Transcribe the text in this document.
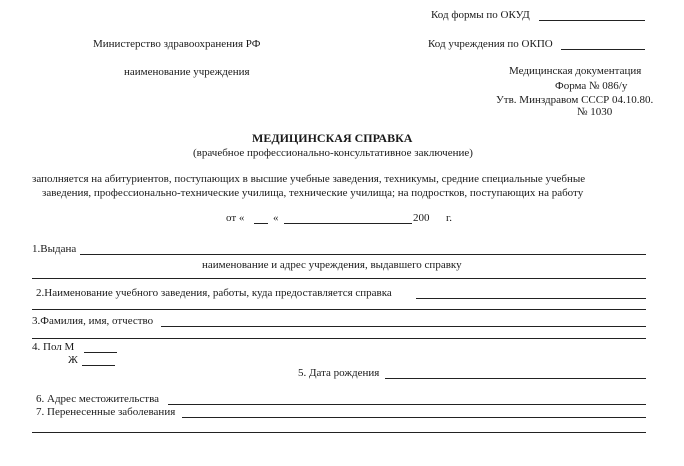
Код формы по ОКУД
Код учреждения по ОКПО
Министерство здравоохранения РФ
наименование учреждения	Медицинская документация
Форма № 086/у
Утв. Минздравом СССР 04.10.80.
№ 1030
МЕДИЦИНСКАЯ СПРАВКА
(врачебное профессионально-консультативное заключение)
заполняется на абитуриентов, поступающих в высшие учебные заведения, техникумы, средние специальные учебные
заведения, профессионально-технические училища, технические училища; на подростков, поступающих на работу
от «	«	200 г.
1.Выдана
наименование и адрес учреждения, выдавшего справку
2.Наименование учебного заведения, работы, куда предоставляется справка
3.Фамилия, имя, отчество
4. Пол М
Ж
5. Дата рождения
6. Адрес местожительства
7. Перенесенные заболевания
